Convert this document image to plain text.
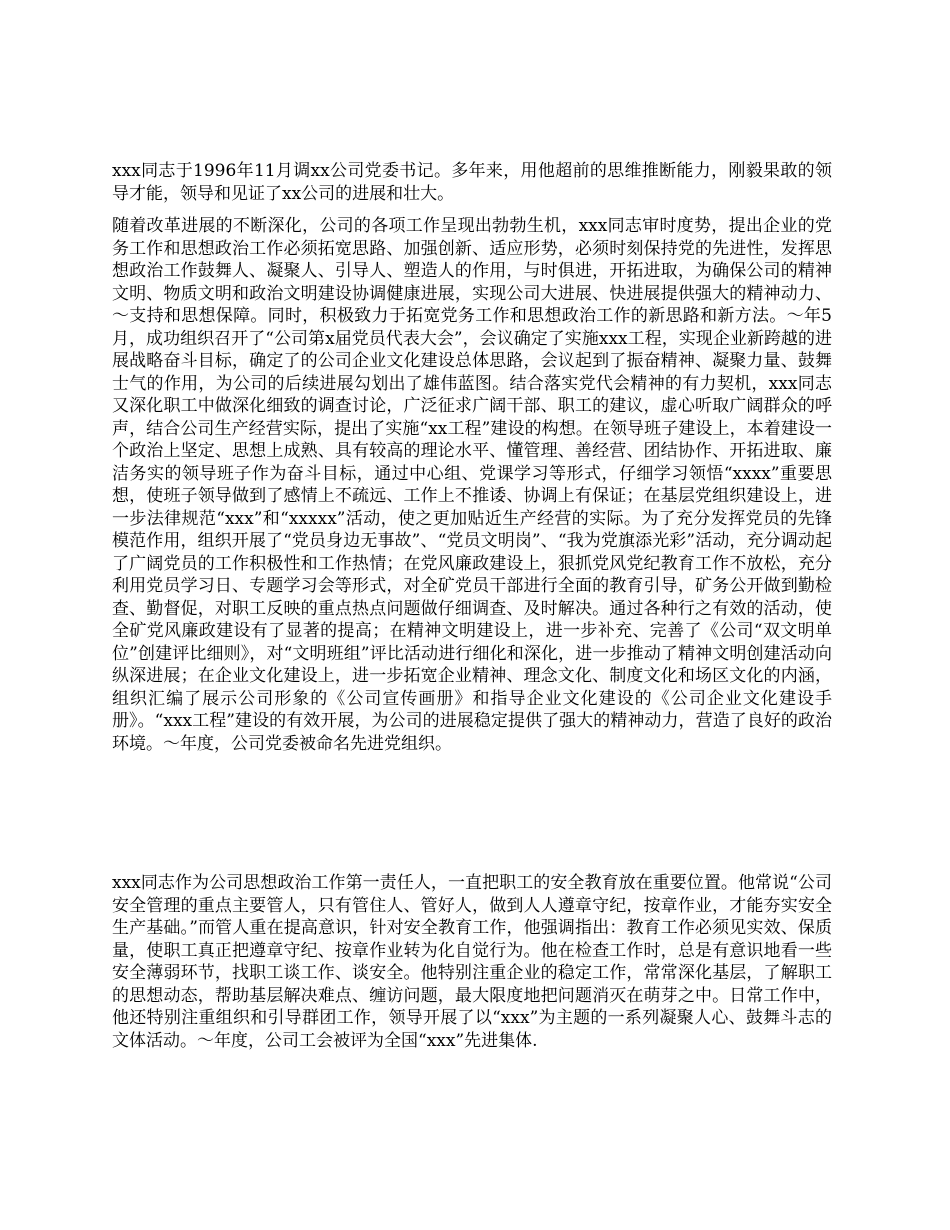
xxx同志于1996年11月调xx公司党委书记。多年来，用他超前的思维推断能力，刚毅果敢的领导才能，领导和见证了xx公司的进展和壮大。

随着改革进展的不断深化，公司的各项工作呈现出勃勃生机，xxx同志审时度势，提出企业的党务工作和思想政治工作必须拓宽思路、加强创新、适应形势，必须时刻保持党的先进性，发挥思想政治工作鼓舞人、凝聚人、引导人、塑造人的作用，与时俱进，开拓进取，为确保公司的精神文明、物质文明和政治文明建设协调健康进展，实现公司大进展、快进展提供强大的精神动力、～支持和思想保障。同时，积极致力于拓宽党务工作和思想政治工作的新思路和新方法。～年5月，成功组织召开了“公司第x届党员代表大会”，会议确定了实施xxx工程，实现企业新跨越的进展战略奋斗目标，确定了的公司企业文化建设总体思路，会议起到了振奋精神、凝聚力量、鼓舞士气的作用，为公司的后续进展勾划出了雄伟蓝图。结合落实党代会精神的有力契机，xxx同志又深化职工中做深化细致的调查讨论，广泛征求广阔干部、职工的建议，虚心听取广阔群众的呼声，结合公司生产经营实际，提出了实施“xx工程”建设的构想。在领导班子建设上，本着建设一个政治上坚定、思想上成熟、具有较高的理论水平、懂管理、善经营、团结协作、开拓进取、廉洁务实的领导班子作为奋斗目标，通过中心组、党课学习等形式，仔细学习领悟“xxxx”重要思想，使班子领导做到了感情上不疏远、工作上不推诿、协调上有保证；在基层党组织建设上，进一步法律规范“xxx”和“xxxxx”活动，使之更加贴近生产经营的实际。为了充分发挥党员的先锋模范作用，组织开展了“党员身边无事故”、“党员文明岗”、“我为党旗添光彩”活动，充分调动起了广阔党员的工作积极性和工作热情；在党风廉政建设上，狠抓党风党纪教育工作不放松，充分利用党员学习日、专题学习会等形式，对全矿党员干部进行全面的教育引导，矿务公开做到勤检查、勤督促，对职工反映的重点热点问题做仔细调查、及时解决。通过各种行之有效的活动，使全矿党风廉政建设有了显著的提高；在精神文明建设上，进一步补充、完善了《公司“双文明单位”创建评比细则》，对“文明班组”评比活动进行细化和深化，进一步推动了精神文明创建活动向纵深进展；在企业文化建设上，进一步拓宽企业精神、理念文化、制度文化和场区文化的内涵，组织汇编了展示公司形象的《公司宣传画册》和指导企业文化建设的《公司企业文化建设手册》。“xxx工程”建设的有效开展，为公司的进展稳定提供了强大的精神动力，营造了良好的政治环境。～年度，公司党委被命名先进党组织。

xxx同志作为公司思想政治工作第一责任人，一直把职工的安全教育放在重要位置。他常说“公司安全管理的重点主要管人，只有管住人、管好人，做到人人遵章守纪，按章作业，才能夯实安全生产基础。”而管人重在提高意识，针对安全教育工作，他强调指出：教育工作必须见实效、保质量，使职工真正把遵章守纪、按章作业转为化自觉行为。他在检查工作时，总是有意识地看一些安全薄弱环节，找职工谈工作、谈安全。他特别注重企业的稳定工作，常常深化基层，了解职工的思想动态，帮助基层解决难点、缠访问题，最大限度地把问题消灭在萌芽之中。日常工作中，他还特别注重组织和引导群团工作，领导开展了以“xxx”为主题的一系列凝聚人心、鼓舞斗志的文体活动。～年度，公司工会被评为全国“xxx”先进集体.
